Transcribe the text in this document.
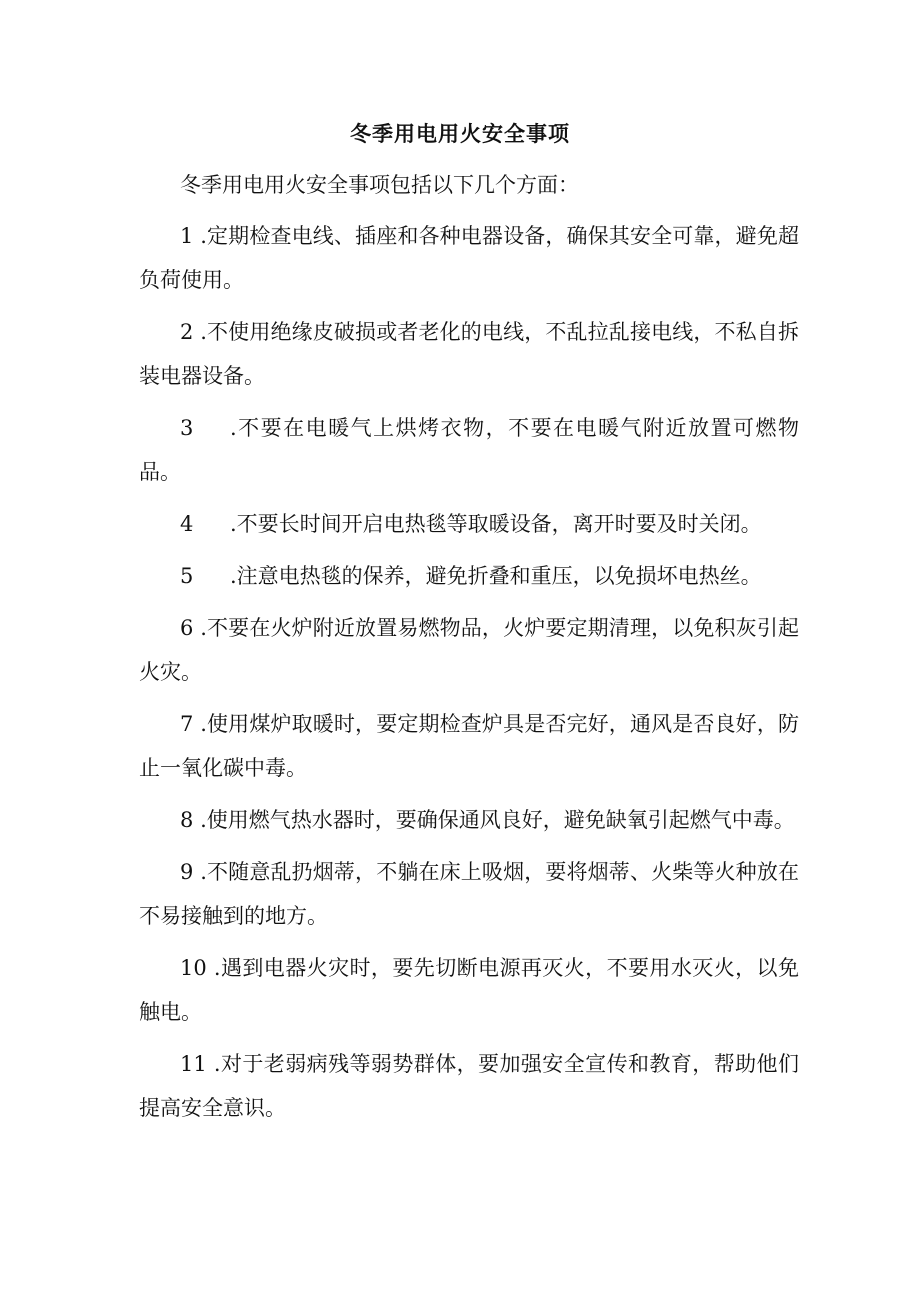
冬季用电用火安全事项
冬季用电用火安全事项包括以下几个方面：

1 .定期检查电线、插座和各种电器设备，确保其安全可靠，避免超负荷使用。

2 .不使用绝缘皮破损或者老化的电线，不乱拉乱接电线，不私自拆装电器设备。

3 .不要在电暖气上烘烤衣物，不要在电暖气附近放置可燃物品。

4 .不要长时间开启电热毯等取暖设备，离开时要及时关闭。

5 .注意电热毯的保养，避免折叠和重压，以免损坏电热丝。

6 .不要在火炉附近放置易燃物品，火炉要定期清理，以免积灰引起火灾。

7 .使用煤炉取暖时，要定期检查炉具是否完好，通风是否良好，防止一氧化碳中毒。

8 .使用燃气热水器时，要确保通风良好，避免缺氧引起燃气中毒。

9 .不随意乱扔烟蒂，不躺在床上吸烟，要将烟蒂、火柴等火种放在不易接触到的地方。

10 .遇到电器火灾时，要先切断电源再灭火，不要用水灭火，以免触电。

11 .对于老弱病残等弱势群体，要加强安全宣传和教育，帮助他们提高安全意识。
